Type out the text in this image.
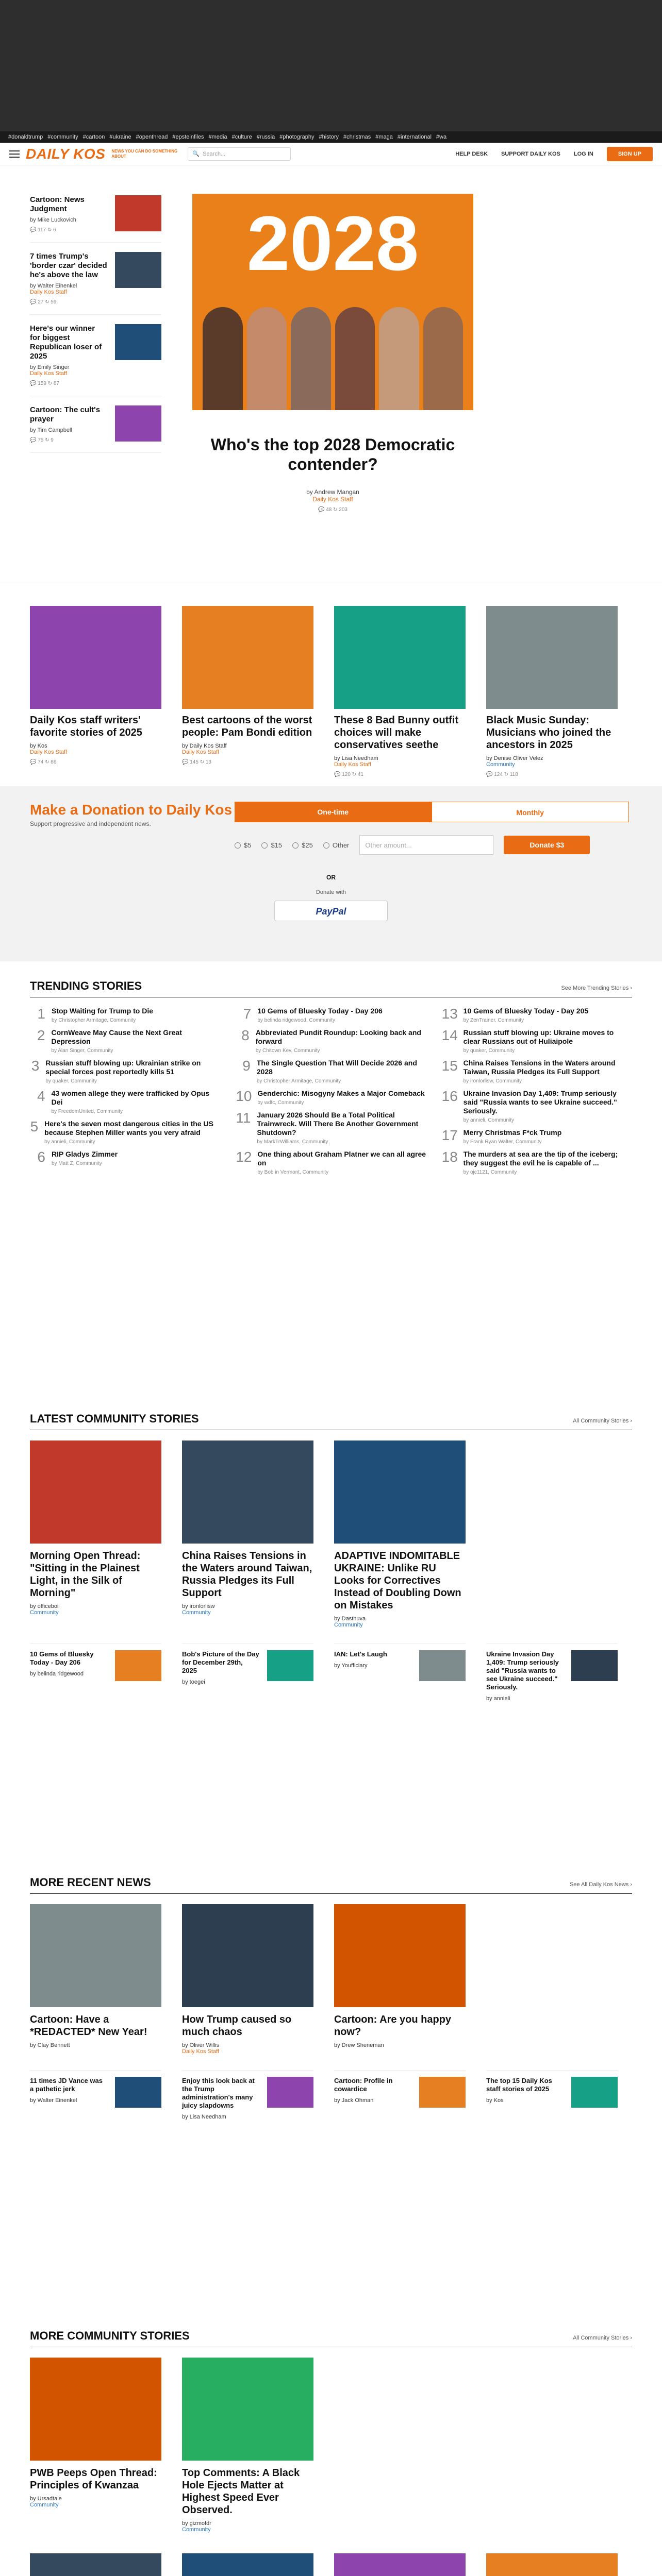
#donaldtrump #community #cartoon #ukraine #openthread #epsteinfiles #media #culture #russia #photography #history #christmas #maga #international #wa
DAILY KOS NEWS YOU CAN DO SOMETHING ABOUT	🔍 Search...	HELP DESK SUPPORT DAILY KOS LOG IN	SIGN UP
Cartoon: News Judgment
by Mike Luckovich
💬 117 ↻ 6
7 times Trump's 'border czar' decided he's above the law
by Walter Einenkel
Daily Kos Staff
💬 27 ↻ 59
Here's our winner for biggest Republican loser of 2025
by Emily Singer
Daily Kos Staff
💬 159 ↻ 87
Cartoon: The cult's prayer
by Tim Campbell
💬 75 ↻ 9
2028
Who's the top 2028 Democratic contender?
by Andrew Mangan
Daily Kos Staff
💬 48 ↻ 203
Daily Kos staff writers' favorite stories of 2025
by Kos
Daily Kos Staff
💬 74 ↻ 86
Best cartoons of the worst people: Pam Bondi edition
by Daily Kos Staff
Daily Kos Staff
💬 145 ↻ 13
These 8 Bad Bunny outfit choices will make conservatives seethe
by Lisa Needham
Daily Kos Staff
💬 120 ↻ 41
Black Music Sunday: Musicians who joined the ancestors in 2025
by Denise Oliver Velez
Community
💬 124 ↻ 118
Make a Donation to Daily Kos

Support progressive and independent news.

One-time	Monthly
$5	$15	$25	Other	Other amount...	Donate $3
OR
Donate with
PayPal
TRENDING STORIES	See More Trending Stories ›
1 Stop Waiting for Trump to Die
by Christopher Armitage, Community
2 CornWeave May Cause the Next Great Depression
by Alan Singer, Community
3 Russian stuff blowing up: Ukrainian strike on special forces post reportedly kills 51
by quaker, Community
4 43 women allege they were trafficked by Opus Dei
by FreedomUnited, Community
5 Here's the seven most dangerous cities in the US because Stephen Miller wants you very afraid
by annieli, Community
6 RIP Gladys Zimmer
by Matt Z, Community
7 10 Gems of Bluesky Today - Day 206
by belinda ridgewood, Community
8 Abbreviated Pundit Roundup: Looking back and forward
by Chitown Kev, Community
9 The Single Question That Will Decide 2026 and 2028
by Christopher Armitage, Community
10 Genderchic: Misogyny Makes a Major Comeback
by wdfc, Community
11 January 2026 Should Be a Total Political Trainwreck. Will There Be Another Government Shutdown?
by MarkTrWilliams, Community
12 One thing about Graham Platner we can all agree on
by Bob in Vermont, Community
13 10 Gems of Bluesky Today - Day 205
by ZenTrainer, Community
14 Russian stuff blowing up: Ukraine moves to clear Russians out of Huliaipole
by quaker, Community
15 China Raises Tensions in the Waters around Taiwan, Russia Pledges its Full Support
by ironlorlisw, Community
16 Ukraine Invasion Day 1,409: Trump seriously said "Russia wants to see Ukraine succeed." Seriously.
by annieli, Community
17 Merry Christmas F*ck Trump
by Frank Ryan Walter, Community
18 The murders at sea are the tip of the iceberg; they suggest the evil he is capable of ...
by ojc1121, Community
LATEST COMMUNITY STORIES	All Community Stories ›
Morning Open Thread: "Sitting in the Plainest Light, in the Silk of Morning"
by officeboi
Community
China Raises Tensions in the Waters around Taiwan, Russia Pledges its Full Support
by ironlorlisw
Community
ADAPTIVE INDOMITABLE UKRAINE: Unlike RU Looks for Correctives Instead of Doubling Down on Mistakes
by Dasthuva
Community
10 Gems of Bluesky Today - Day 206
by belinda ridgewood
Bob's Picture of the Day for December 29th, 2025
by toegei
IAN: Let's Laugh
by Youfficiary
Ukraine Invasion Day 1,409: Trump seriously said "Russia wants to see Ukraine succeed." Seriously.
by annieli
MORE RECENT NEWS	See All Daily Kos News ›
Cartoon: Have a *REDACTED* New Year!
by Clay Bennett

How Trump caused so much chaos
by Oliver Willis
Daily Kos Staff
Cartoon: Are you happy now?
by Drew Sheneman

11 times JD Vance was a pathetic jerk
by Walter Einenkel
Enjoy this look back at the Trump administration's many juicy slapdowns
by Lisa Needham
Cartoon: Profile in cowardice
by Jack Ohman
The top 15 Daily Kos staff stories of 2025
by Kos
MORE COMMUNITY STORIES	All Community Stories ›
PWB Peeps Open Thread: Principles of Kwanzaa
by Ursadtale
Community
Top Comments: A Black Hole Ejects Matter at Highest Speed Ever Observed.
by gizmofdr
Community
